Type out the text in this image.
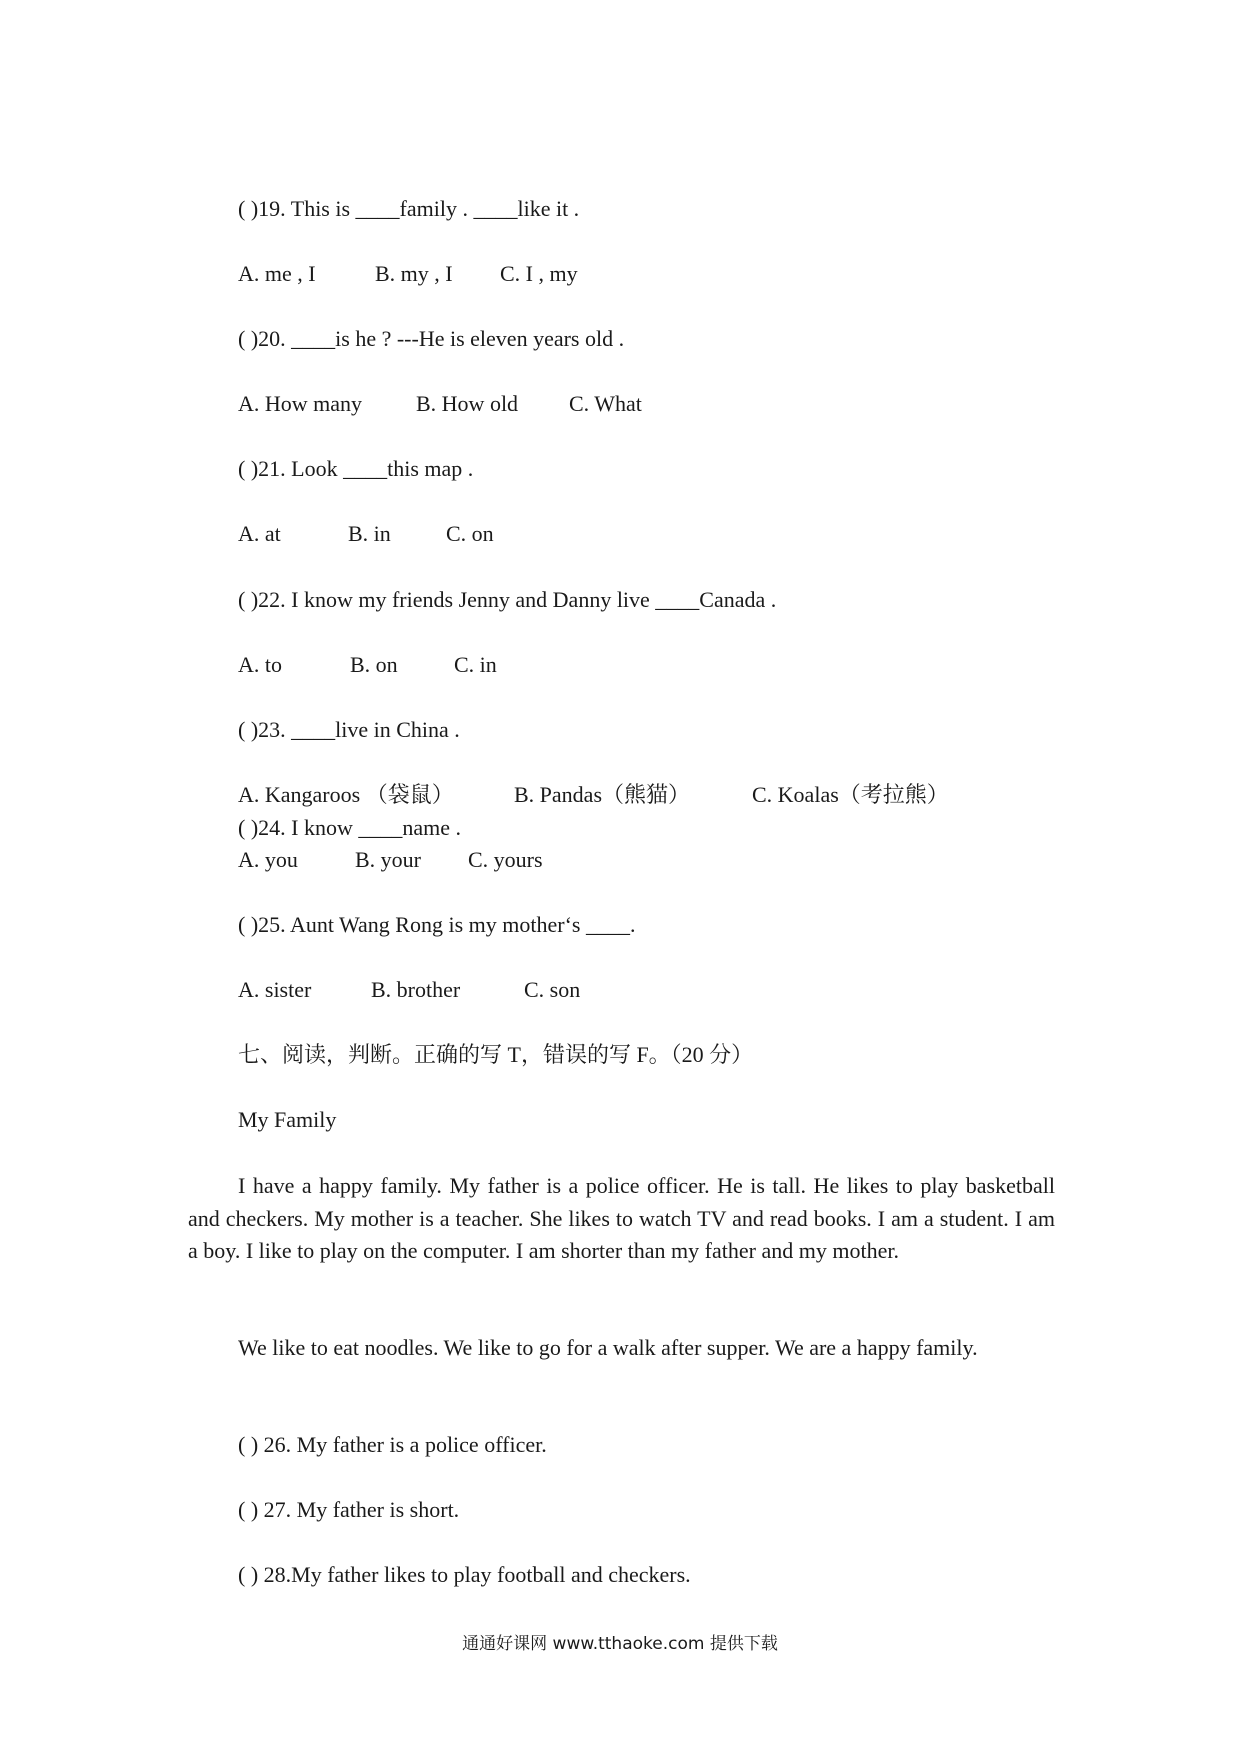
( )19. This is ____family . ____like it .
A. me , I	B. my , I C. I , my
( )20. ____is he ? ---He is eleven years old .
A. How many B. How old C. What
( )21. Look ____this map .
A. at	B. in	C. on
( )22. I know my friends Jenny and Danny live ____Canada .
A. to	B. on	C. in
( )23. ____live in China .
A. Kangaroos （袋鼠）	B. Pandas（熊猫）	C. Koalas（考拉熊）
( )24. I know ____name .
A. you	B. your C. yours
( )25. Aunt Wang Rong is my mother‘s ____.
A. sister	B. brother	C. son
七、阅读，判断。正确的写 T，错误的写 F。（20 分）
My Family
I have a happy family. My father is a police officer. He is tall. He likes to play basketball and checkers. My mother is a teacher. She likes to watch TV and read books. I am a student. I am a boy. I like to play on the computer. I am shorter than my father and my mother.
We like to eat noodles. We like to go for a walk after supper. We are a happy family.
( ) 26. My father is a police officer.
( ) 27. My father is short.
( ) 28.My father likes to play football and checkers.
通通好课网 www.tthaoke.com 提供下载
